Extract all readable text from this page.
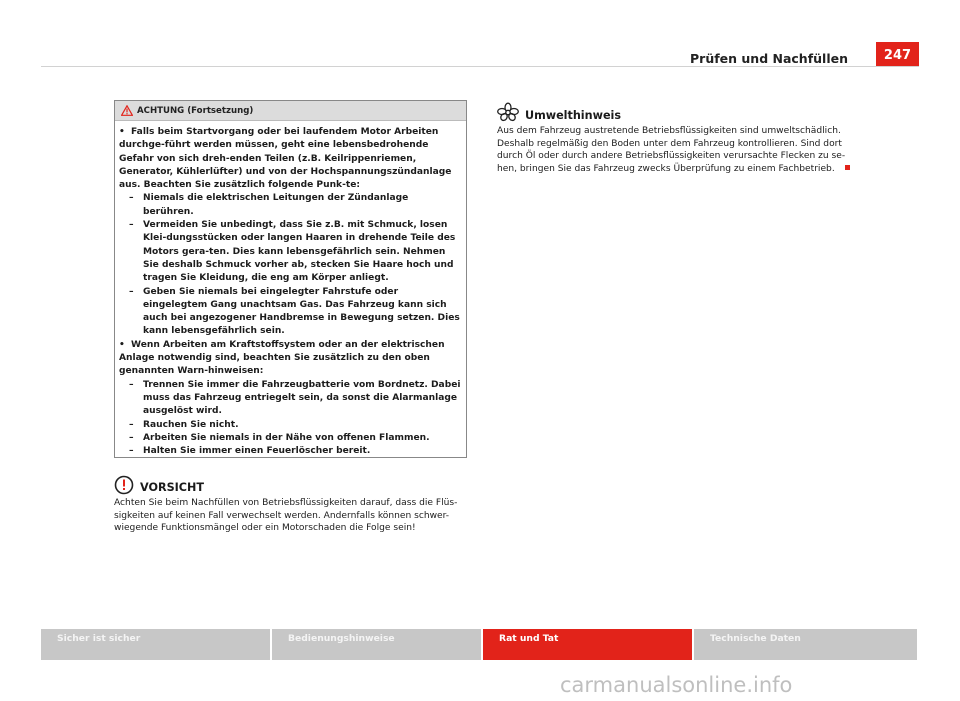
Prüfen und Nachfüllen	247
ACHTUNG (Fortsetzung)

• Falls beim Startvorgang oder bei laufendem Motor Arbeiten durchge-führt werden müssen, geht eine lebensbedrohende Gefahr von sich dreh-enden Teilen (z.B. Keilrippenriemen, Generator, Kühlerlüfter) und von der Hochspannungszündanlage aus. Beachten Sie zusätzlich folgende Punk-te:

– Niemals die elektrischen Leitungen der Zündanlage berühren.

– Vermeiden Sie unbedingt, dass Sie z.B. mit Schmuck, losen Klei-dungsstücken oder langen Haaren in drehende Teile des Motors gera-ten. Dies kann lebensgefährlich sein. Nehmen Sie deshalb Schmuck vorher ab, stecken Sie Haare hoch und tragen Sie Kleidung, die eng am Körper anliegt.

– Geben Sie niemals bei eingelegter Fahrstufe oder eingelegtem Gang unachtsam Gas. Das Fahrzeug kann sich auch bei angezogener Handbremse in Bewegung setzen. Dies kann lebensgefährlich sein.

• Wenn Arbeiten am Kraftstoffsystem oder an der elektrischen Anlage notwendig sind, beachten Sie zusätzlich zu den oben genannten Warn-hinweisen:

– Trennen Sie immer die Fahrzeugbatterie vom Bordnetz. Dabei muss das Fahrzeug entriegelt sein, da sonst die Alarmanlage ausgelöst wird.

– Rauchen Sie nicht.

– Arbeiten Sie niemals in der Nähe von offenen Flammen.

– Halten Sie immer einen Feuerlöscher bereit.

VORSICHT
Achten Sie beim Nachfüllen von Betriebsflüssigkeiten darauf, dass die Flüs-sigkeiten auf keinen Fall verwechselt werden. Andernfalls können schwer-wiegende Funktionsmängel oder ein Motorschaden die Folge sein!
Umwelthinweis
Aus dem Fahrzeug austretende Betriebsflüssigkeiten sind umweltschädlich. Deshalb regelmäßig den Boden unter dem Fahrzeug kontrollieren. Sind dort durch Öl oder durch andere Betriebsflüssigkeiten verursachte Flecken zu se-hen, bringen Sie das Fahrzeug zwecks Überprüfung zu einem Fachbetrieb.
Sicher ist sicher	Bedienungshinweise	Rat und Tat	Technische Daten
carmanualsonline.info
